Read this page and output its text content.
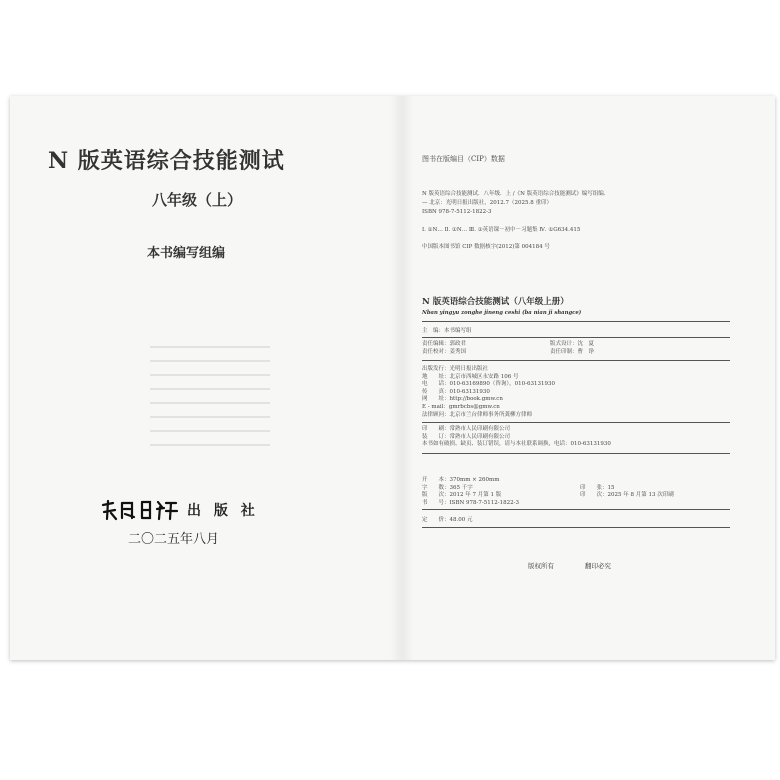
N 版英语综合技能测试
八年级（上）
本书编写组编
出 版 社
二〇二五年八月
图书在版编目（CIP）数据
N 版英语综合技能测试．八年级．上 /《N 版英语综合技能测试》编写组编．
— 北京：光明日报出版社，2012.7（2025.8 重印）
ISBN 978-7-5112-1822-3
Ⅰ. ①N… Ⅱ. ①N… Ⅲ. ①英语课－初中－习题集 Ⅳ. ①G634.415
中国版本图书馆 CIP 数据核字(2012)第 004184 号
N 版英语综合技能测试（八年级上册）
Nban yingyu zonghe jineng ceshi (ba nian ji shangce)
主　编：本书编写组
责任编辑：郭政君
责任校对：姜秀国
版式设计：沈　夏
责任印制：曹　诤
出版发行：光明日报出版社
地　　址：北京市西城区永安路 106 号
电　　话：010-63169890（咨询），010-63131930
传　　真：010-63131930
网　　址：http://book.gmw.cn
E - mail：gmrbcbs@gmw.cn
法律顾问：北京市兰台律师事务所龚柳方律师
印　　刷：常熟市人民印刷有限公司
装　　订：常熟市人民印刷有限公司
本书如有破损、缺页、装订错误，请与本社联系调换，电话：010-63131930
开　　本：370mm × 260mm
字　　数：365 千字
版　　次：2012 年 7 月第 1 版
书　　号：ISBN 978-7-5112-1822-3

印　　张：15
印　　次：2025 年 8 月第 13 次印刷

定　　价：48.00 元
版权所有	翻印必究
